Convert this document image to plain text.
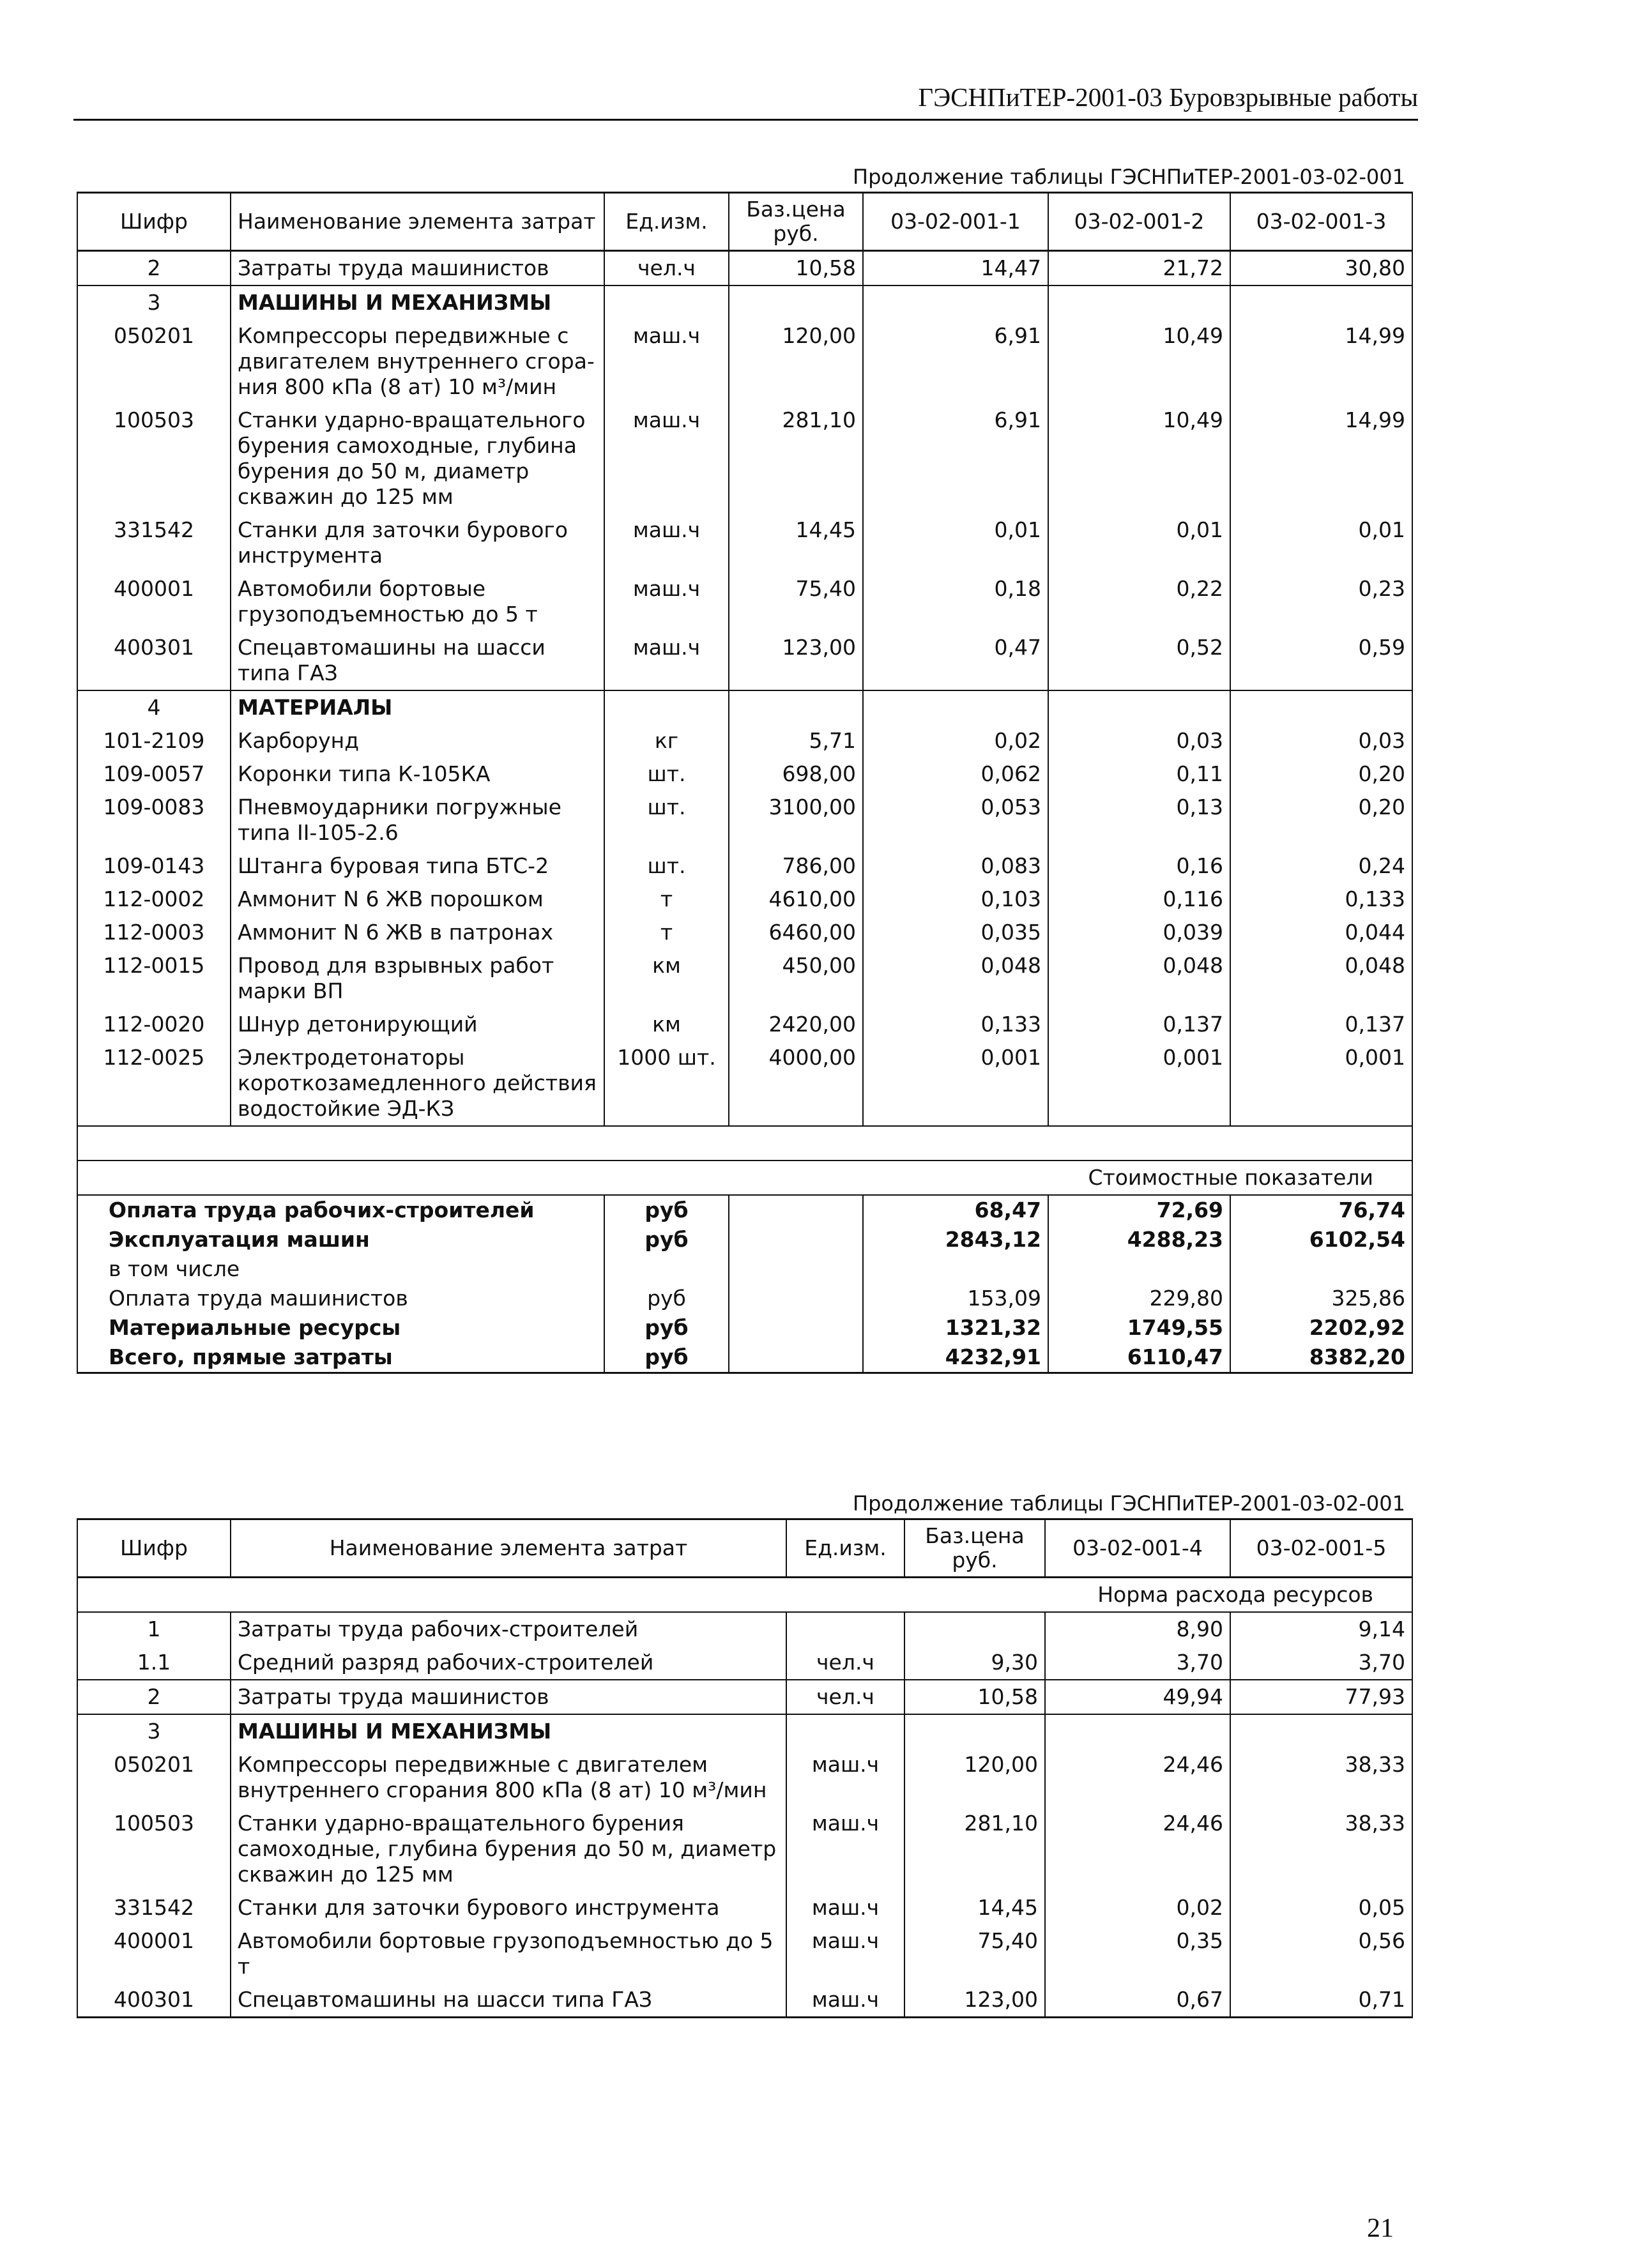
ГЭСНПиТЕР-2001-03 Буровзрывные работы
Продолжение таблицы ГЭСНПиТЕР-2001-03-02-001
Шифр	Наименование элемента затрат	Ед.изм.	Баз.цена руб.	03-02-001-1	03-02-001-2	03-02-001-3
2	Затраты труда машинистов	чел.ч	10,58	14,47	21,72	30,80
3	МАШИНЫ И МЕХАНИЗМЫ					
050201	Компрессоры передвижные с двигателем внутреннего сгора-ния 800 кПа (8 ат) 10 м³/мин	маш.ч	120,00	6,91	10,49	14,99
100503	Станки ударно-вращательного бурения самоходные, глубина бурения до 50 м, диаметр скважин до 125 мм	маш.ч	281,10	6,91	10,49	14,99
331542	Станки для заточки бурового инструмента	маш.ч	14,45	0,01	0,01	0,01
400001	Автомобили бортовые грузоподъемностью до 5 т	маш.ч	75,40	0,18	0,22	0,23
400301	Спецавтомашины на шасси типа ГАЗ	маш.ч	123,00	0,47	0,52	0,59
4	МАТЕРИАЛЫ					
101-2109	Карборунд	кг	5,71	0,02	0,03	0,03
109-0057	Коронки типа К-105КА	шт.	698,00	0,062	0,11	0,20
109-0083	Пневмоударники погружные типа II-105-2.6	шт.	3100,00	0,053	0,13	0,20
109-0143	Штанга буровая типа БТС-2	шт.	786,00	0,083	0,16	0,24
112-0002	Аммонит N 6 ЖВ порошком	т	4610,00	0,103	0,116	0,133
112-0003	Аммонит N 6 ЖВ в патронах	т	6460,00	0,035	0,039	0,044
112-0015	Провод для взрывных работ марки ВП	км	450,00	0,048	0,048	0,048
112-0020	Шнур детонирующий	км	2420,00	0,133	0,137	0,137
112-0025	Электродетонаторы короткозамедленного действия водостойкие ЭД-КЗ	1000 шт.	4000,00	0,001	0,001	0,001

Стоимостные показатели						
Оплата труда рабочих-строителей		руб		68,47	72,69	76,74
Эксплуатация машин		руб		2843,12	4288,23	6102,54
в том числе						
Оплата труда машинистов		руб		153,09	229,80	325,86
Материальные ресурсы		руб		1321,32	1749,55	2202,92
Всего, прямые затраты		руб		4232,91	6110,47	8382,20
Продолжение таблицы ГЭСНПиТЕР-2001-03-02-001
Шифр	Наименование элемента затрат	Ед.изм.	Баз.цена руб.	03-02-001-4	03-02-001-5
Норма расхода ресурсов					
1	Затраты труда рабочих-строителей			8,90	9,14
1.1	Средний разряд рабочих-строителей	чел.ч	9,30	3,70	3,70
2	Затраты труда машинистов	чел.ч	10,58	49,94	77,93
3	МАШИНЫ И МЕХАНИЗМЫ				
050201	Компрессоры передвижные с двигателем внутреннего сгорания 800 кПа (8 ат) 10 м³/мин	маш.ч	120,00	24,46	38,33
100503	Станки ударно-вращательного бурения самоходные, глубина бурения до 50 м, диаметр скважин до 125 мм	маш.ч	281,10	24,46	38,33
331542	Станки для заточки бурового инструмента	маш.ч	14,45	0,02	0,05
400001	Автомобили бортовые грузоподъемностью до 5 т	маш.ч	75,40	0,35	0,56
400301	Спецавтомашины на шасси типа ГАЗ	маш.ч	123,00	0,67	0,71
21
